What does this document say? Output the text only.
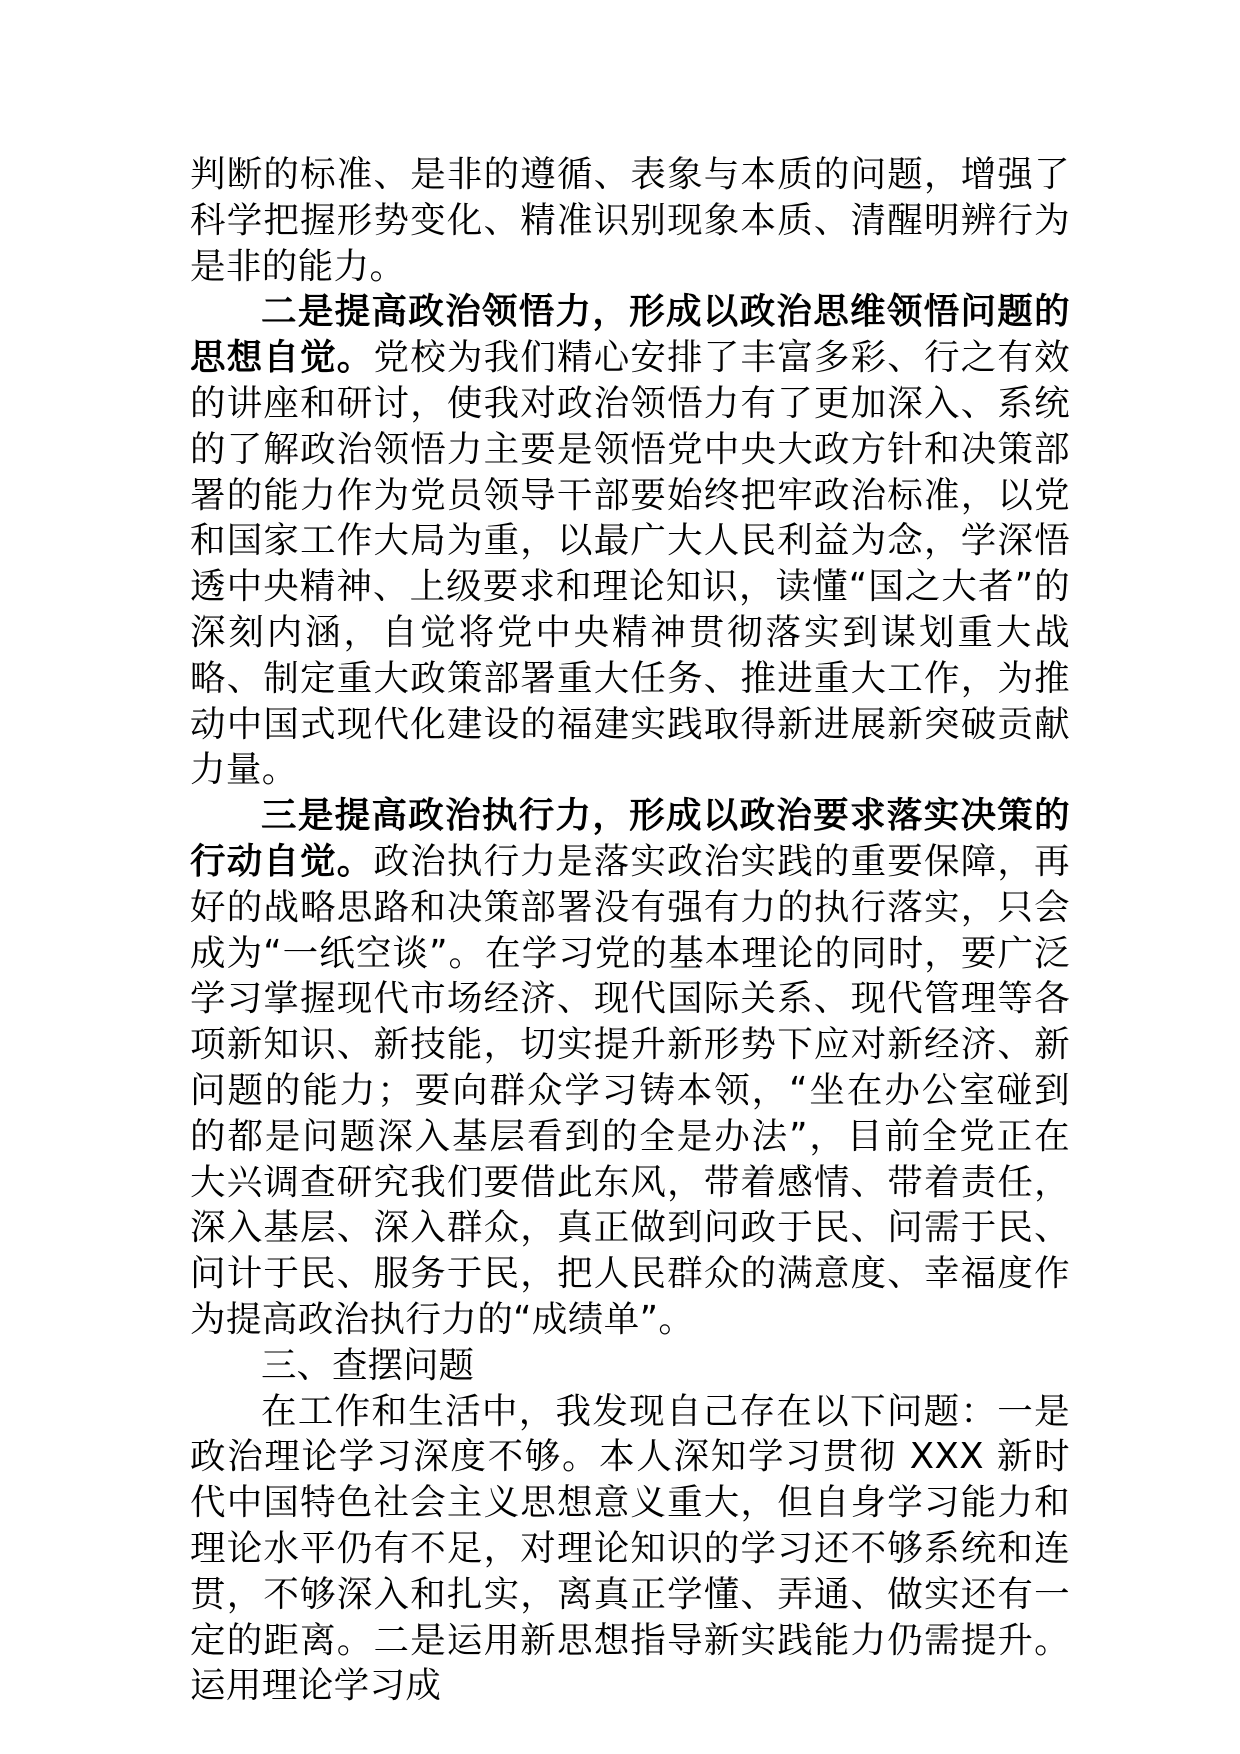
判断的标准、是非的遵循、表象与本质的问题，增强了科学把握形势变化、精准识别现象本质、清醒明辨行为是非的能力。

二是提高政治领悟力，形成以政治思维领悟问题的思想自觉。党校为我们精心安排了丰富多彩、行之有效的讲座和研讨，使我对政治领悟力有了更加深入、系统的了解政治领悟力主要是领悟党中央大政方针和决策部署的能力作为党员领导干部要始终把牢政治标准，以党和国家工作大局为重，以最广大人民利益为念，学深悟透中央精神、上级要求和理论知识，读懂“国之大者”的深刻内涵，自觉将党中央精神贯彻落实到谋划重大战略、制定重大政策部署重大任务、推进重大工作，为推动中国式现代化建设的福建实践取得新进展新突破贡献力量。

三是提高政治执行力，形成以政治要求落实决策的行动自觉。政治执行力是落实政治实践的重要保障，再好的战略思路和决策部署没有强有力的执行落实，只会成为“一纸空谈”。在学习党的基本理论的同时，要广泛学习掌握现代市场经济、现代国际关系、现代管理等各项新知识、新技能，切实提升新形势下应对新经济、新问题的能力；要向群众学习铸本领，“坐在办公室碰到的都是问题深入基层看到的全是办法”，目前全党正在大兴调查研究我们要借此东风，带着感情、带着责任，深入基层、深入群众，真正做到问政于民、问需于民、问计于民、服务于民，把人民群众的满意度、幸福度作为提高政治执行力的“成绩单”。

三、查摆问题

在工作和生活中，我发现自己存在以下问题：一是政治理论学习深度不够。本人深知学习贯彻 XXX 新时代中国特色社会主义思想意义重大，但自身学习能力和理论水平仍有不足，对理论知识的学习还不够系统和连贯，不够深入和扎实，离真正学懂、弄通、做实还有一定的距离。二是运用新思想指导新实践能力仍需提升。运用理论学习成
